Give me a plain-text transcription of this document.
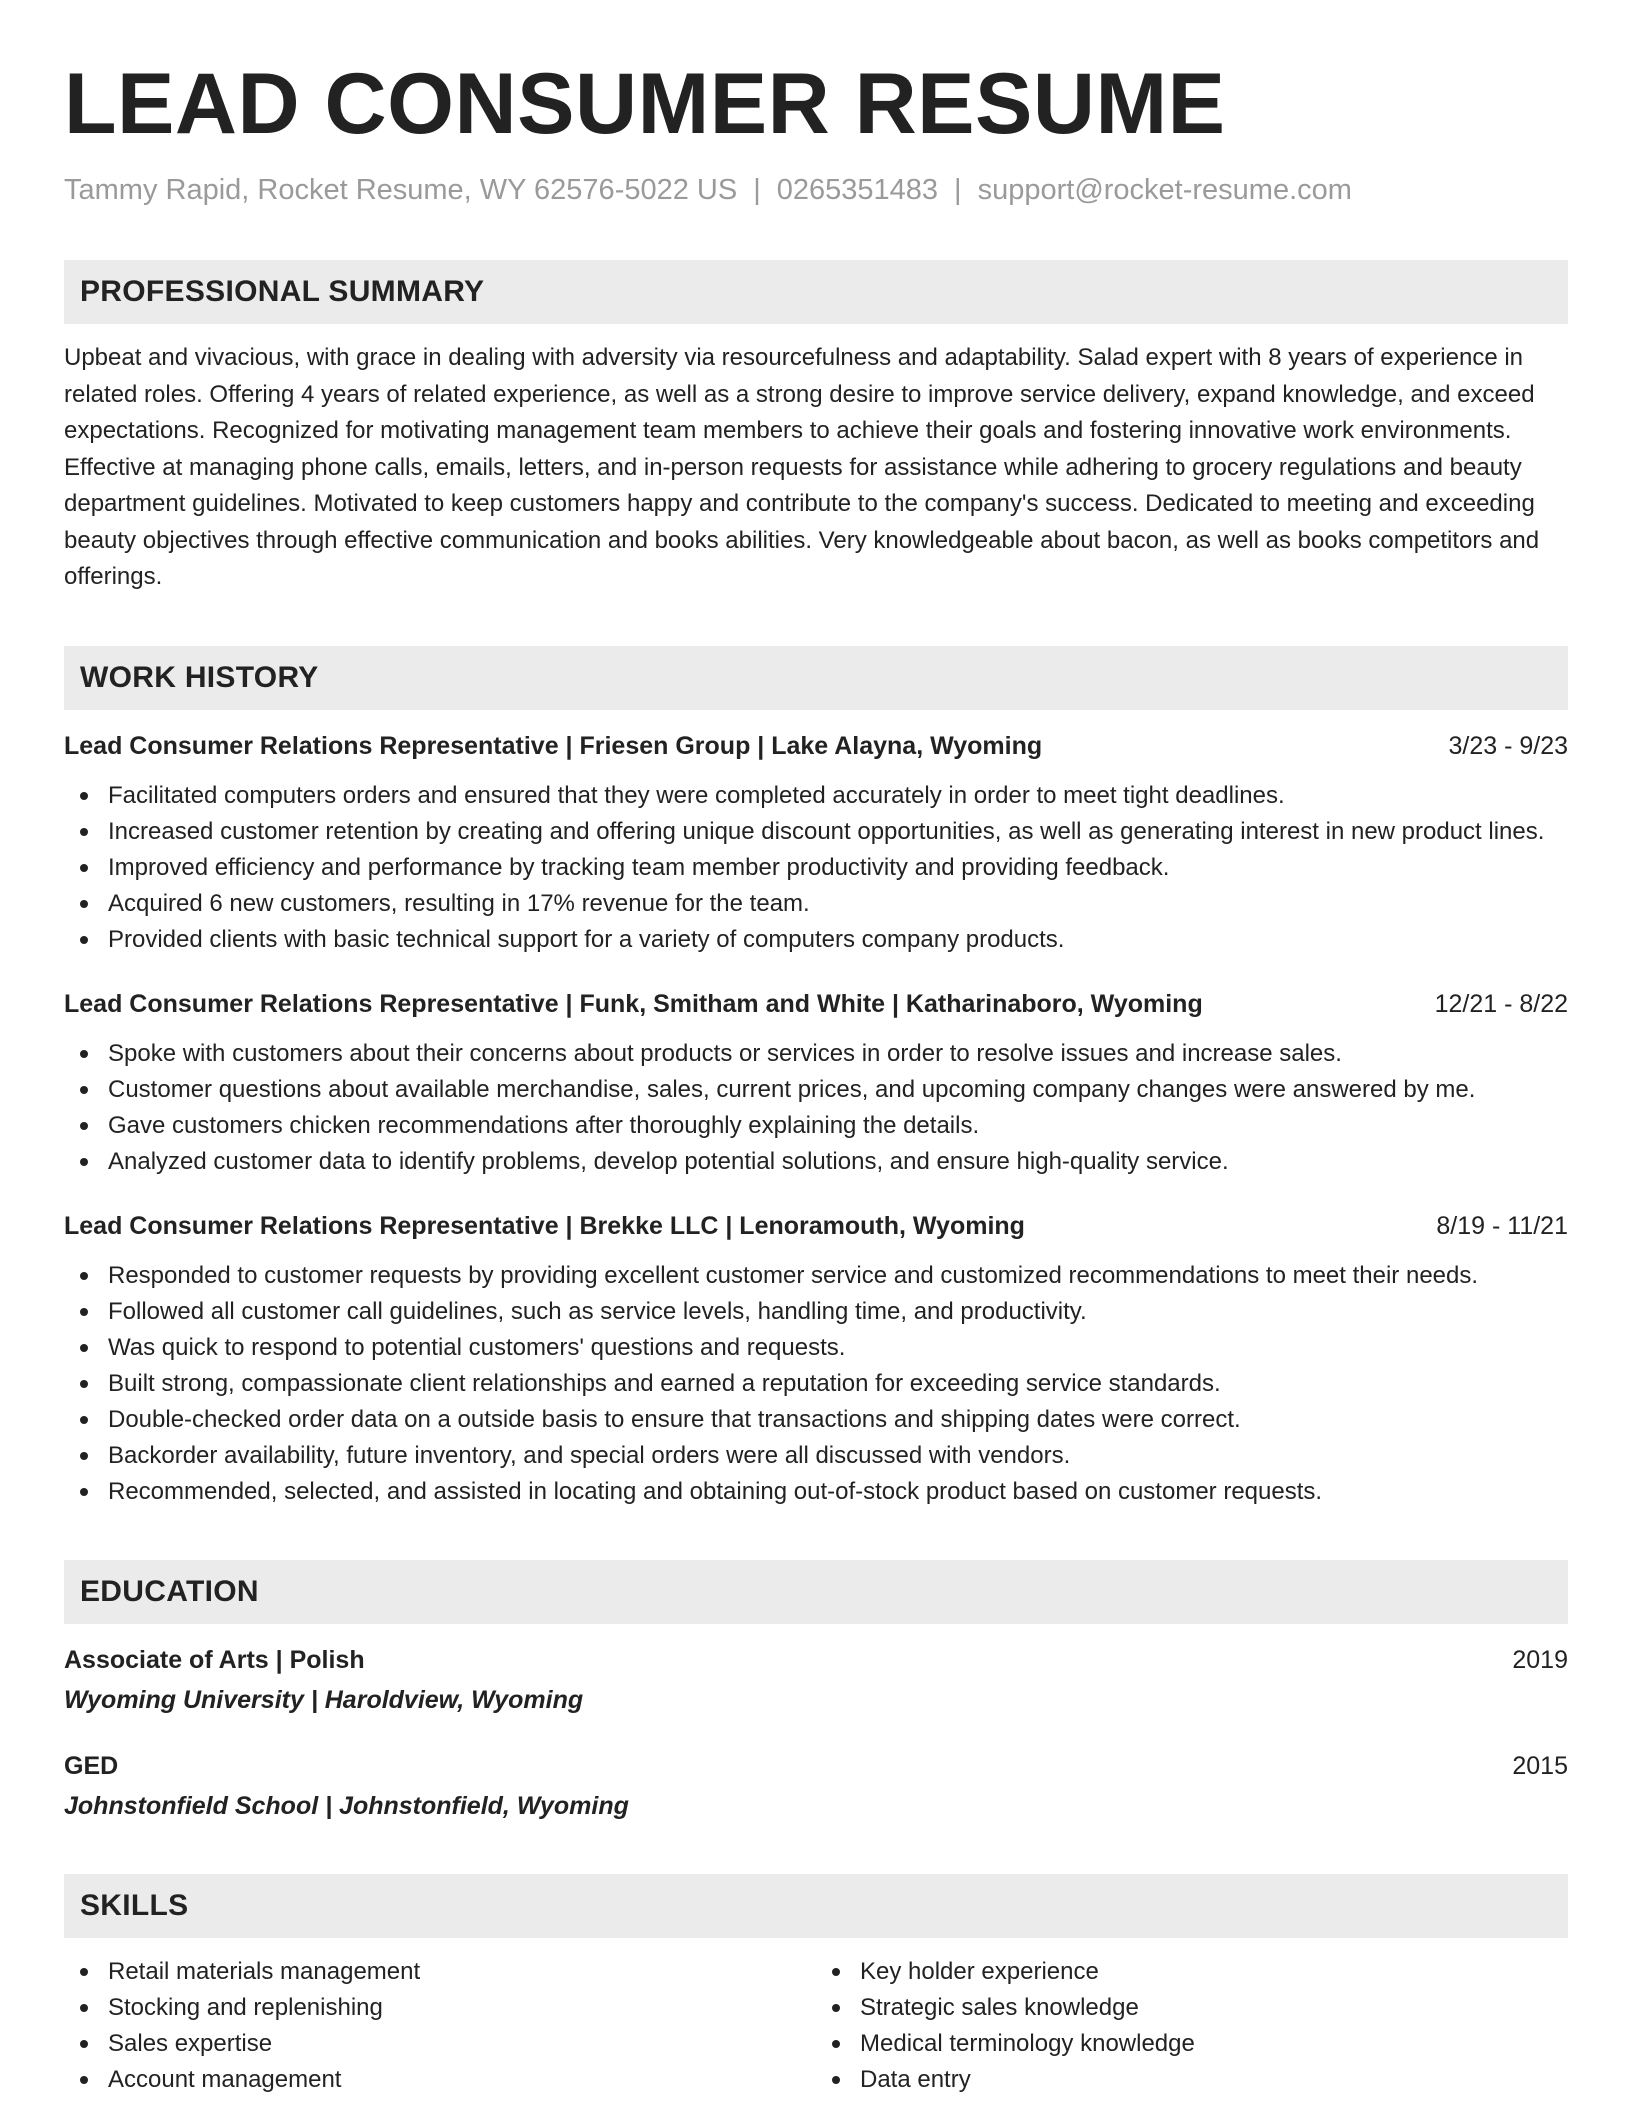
LEAD CONSUMER RESUME
Tammy Rapid, Rocket Resume, WY 62576-5022 US | 0265351483 | support@rocket-resume.com
PROFESSIONAL SUMMARY

Upbeat and vivacious, with grace in dealing with adversity via resourcefulness and adaptability. Salad expert with 8 years of experience in related roles. Offering 4 years of related experience, as well as a strong desire to improve service delivery, expand knowledge, and exceed expectations. Recognized for motivating management team members to achieve their goals and fostering innovative work environments. Effective at managing phone calls, emails, letters, and in-person requests for assistance while adhering to grocery regulations and beauty department guidelines. Motivated to keep customers happy and contribute to the company's success. Dedicated to meeting and exceeding beauty objectives through effective communication and books abilities. Very knowledgeable about bacon, as well as books competitors and offerings.

WORK HISTORY
Lead Consumer Relations Representative | Friesen Group | Lake Alayna, Wyoming	3/23 - 9/23
Facilitated computers orders and ensured that they were completed accurately in order to meet tight deadlines.
Increased customer retention by creating and offering unique discount opportunities, as well as generating interest in new product lines.
Improved efficiency and performance by tracking team member productivity and providing feedback.
Acquired 6 new customers, resulting in 17% revenue for the team.
Provided clients with basic technical support for a variety of computers company products.
Lead Consumer Relations Representative | Funk, Smitham and White | Katharinaboro, Wyoming	12/21 - 8/22
Spoke with customers about their concerns about products or services in order to resolve issues and increase sales.
Customer questions about available merchandise, sales, current prices, and upcoming company changes were answered by me.
Gave customers chicken recommendations after thoroughly explaining the details.
Analyzed customer data to identify problems, develop potential solutions, and ensure high-quality service.
Lead Consumer Relations Representative | Brekke LLC | Lenoramouth, Wyoming	8/19 - 11/21
Responded to customer requests by providing excellent customer service and customized recommendations to meet their needs.
Followed all customer call guidelines, such as service levels, handling time, and productivity.
Was quick to respond to potential customers' questions and requests.
Built strong, compassionate client relationships and earned a reputation for exceeding service standards.
Double-checked order data on a outside basis to ensure that transactions and shipping dates were correct.
Backorder availability, future inventory, and special orders were all discussed with vendors.
Recommended, selected, and assisted in locating and obtaining out-of-stock product based on customer requests.
EDUCATION
Associate of Arts | Polish	2019
Wyoming University | Haroldview, Wyoming
GED	2015
Johnstonfield School | Johnstonfield, Wyoming
SKILLS
Retail materials management
Stocking and replenishing
Sales expertise
Account management
Key holder experience
Strategic sales knowledge
Medical terminology knowledge
Data entry
